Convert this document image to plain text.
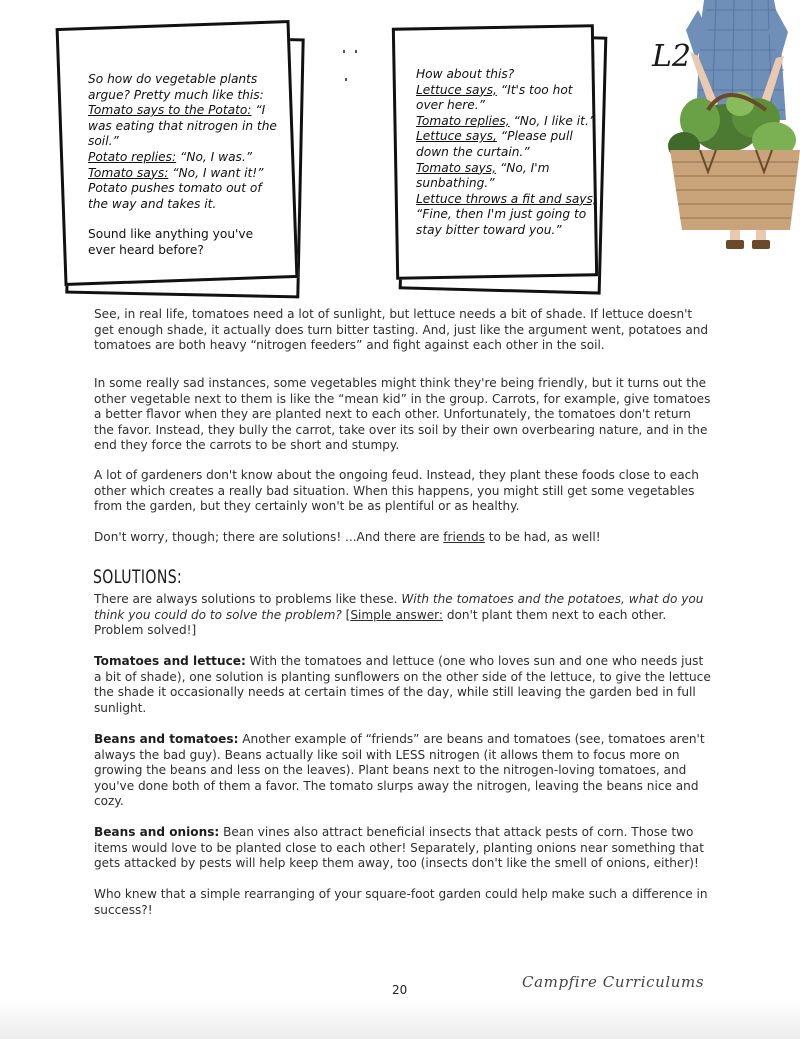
So how do vegetable plants

argue? Pretty much like this:

Tomato says to the Potato: “I was eating that nitrogen in the soil.”

Potato replies: “No, I was.”

Tomato says: “No, I want it!”

Potato pushes tomato out of the way and takes it.

Sound like anything you've ever heard before?

How about this?

Lettuce says, “It's too hot over here.”

Tomato replies, “No, I like it.”

Lettuce says, “Please pull down the curtain.”

Tomato says, “No, I'm sunbathing.”

Lettuce throws a fit and says, “Fine, then I'm just going to stay bitter toward you.”

L2

See, in real life, tomatoes need a lot of sunlight, but lettuce needs a bit of shade. If lettuce doesn't get enough shade, it actually does turn bitter tasting. And, just like the argument went, potatoes and tomatoes are both heavy “nitrogen feeders” and fight against each other in the soil.

In some really sad instances, some vegetables might think they're being friendly, but it turns out the other vegetable next to them is like the “mean kid” in the group. Carrots, for example, give tomatoes a better flavor when they are planted next to each other. Unfortunately, the tomatoes don't return the favor. Instead, they bully the carrot, take over its soil by their own overbearing nature, and in the end they force the carrots to be short and stumpy.

A lot of gardeners don't know about the ongoing feud. Instead, they plant these foods close to each other which creates a really bad situation. When this happens, you might still get some vegetables from the garden, but they certainly won't be as plentiful or as healthy.

Don't worry, though; there are solutions! ...And there are friends to be had, as well!

SOLUTIONS:

There are always solutions to problems like these. With the tomatoes and the potatoes, what do you think you could do to solve the problem? [Simple answer: don't plant them next to each other. Problem solved!]

Tomatoes and lettuce: With the tomatoes and lettuce (one who loves sun and one who needs just a bit of shade), one solution is planting sunflowers on the other side of the lettuce, to give the lettuce the shade it occasionally needs at certain times of the day, while still leaving the garden bed in full sunlight.

Beans and tomatoes: Another example of “friends” are beans and tomatoes (see, tomatoes aren't always the bad guy). Beans actually like soil with LESS nitrogen (it allows them to focus more on growing the beans and less on the leaves). Plant beans next to the nitrogen-loving tomatoes, and you've done both of them a favor. The tomato slurps away the nitrogen, leaving the beans nice and cozy.

Beans and onions: Bean vines also attract beneficial insects that attack pests of corn. Those two items would love to be planted close to each other! Separately, planting onions near something that gets attacked by pests will help keep them away, too (insects don't like the smell of onions, either)!

Who knew that a simple rearranging of your square-foot garden could help make such a difference in success?!

20	Campfire Curriculums
